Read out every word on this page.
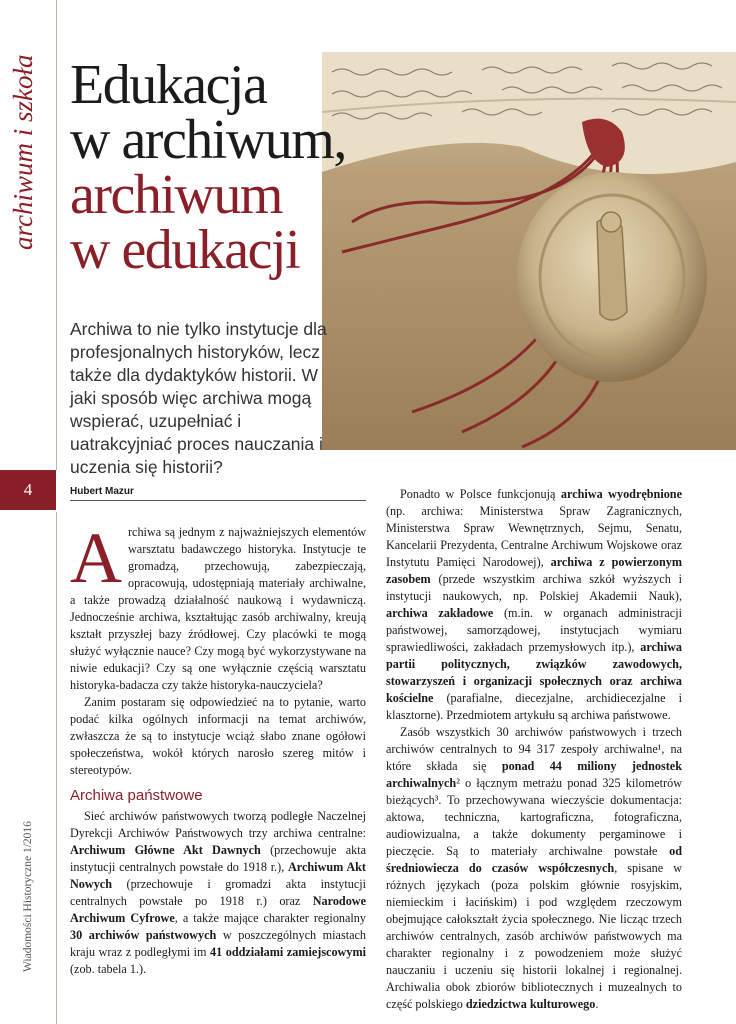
archiwum i szkoła
4
Wiadomości Historyczne 1/2016
Edukacja
w archiwum,
archiwum
w edukacji
Archiwa to nie tylko instytucje dla profesjonalnych historyków, lecz także dla dydaktyków historii. W jaki sposób więc archiwa mogą wspierać, uzupełniać i uatrakcyjniać proces nauczania i uczenia się historii?
Hubert Mazur

Archiwa są jednym z najważniejszych elementów warsztatu badawczego historyka. Instytucje te gromadzą, przechowują, zabezpieczają, opracowują, udostępniają materiały archiwalne, a także prowadzą działalność naukową i wydawniczą. Jednocześnie archiwa, kształtując zasób archiwalny, kreują kształt przyszłej bazy źródłowej. Czy placówki te mogą służyć wyłącznie nauce? Czy mogą być wykorzystywane na niwie edukacji? Czy są one wyłącznie częścią warsztatu historyka-badacza czy także historyka-nauczyciela?

Zanim postaram się odpowiedzieć na to pytanie, warto podać kilka ogólnych informacji na temat archiwów, zwłaszcza że są to instytucje wciąż słabo znane ogółowi społeczeństwa, wokół których narosło szereg mitów i stereotypów.

Archiwa państwowe

Sieć archiwów państwowych tworzą podległe Naczelnej Dyrekcji Archiwów Państwowych trzy archiwa centralne: Archiwum Główne Akt Dawnych (przechowuje akta instytucji centralnych powstałe do 1918 r.), Archiwum Akt Nowych (przechowuje i gromadzi akta instytucji centralnych powstałe po 1918 r.) oraz Narodowe Archiwum Cyfrowe, a także mające charakter regionalny 30 archiwów państwowych w poszczególnych miastach kraju wraz z podległymi im 41 oddziałami zamiejscowymi (zob. tabela 1.).

Ponadto w Polsce funkcjonują archiwa wyodrębnione (np. archiwa: Ministerstwa Spraw Zagranicznych, Ministerstwa Spraw Wewnętrznych, Sejmu, Senatu, Kancelarii Prezydenta, Centralne Archiwum Wojskowe oraz Instytutu Pamięci Narodowej), archiwa z powierzonym zasobem (przede wszystkim archiwa szkół wyższych i instytucji naukowych, np. Polskiej Akademii Nauk), archiwa zakładowe (m.in. w organach administracji państwowej, samorządowej, instytucjach wymiaru sprawiedliwości, zakładach przemysłowych itp.), archiwa partii politycznych, związków zawodowych, stowarzyszeń i organizacji społecznych oraz archiwa kościelne (parafialne, diecezjalne, archidiecezjalne i klasztorne). Przedmiotem artykułu są archiwa państwowe.

Zasób wszystkich 30 archiwów państwowych i trzech archiwów centralnych to 94 317 zespoły archiwalne¹, na które składa się ponad 44 miliony jednostek archiwalnych² o łącznym metrażu ponad 325 kilometrów bieżących³. To przechowywana wieczyście dokumentacja: aktowa, techniczna, kartograficzna, fotograficzna, audiowizualna, a także dokumenty pergaminowe i pieczęcie. Są to materiały archiwalne powstałe od średniowiecza do czasów współczesnych, spisane w różnych językach (poza polskim głównie rosyjskim, niemieckim i łacińskim) i pod względem rzeczowym obejmujące całokształt życia społecznego. Nie licząc trzech archiwów centralnych, zasób archiwów państwowych ma charakter regionalny i z powodzeniem może służyć nauczaniu i uczeniu się historii lokalnej i regionalnej. Archiwalia obok zbiorów bibliotecznych i muzealnych to część polskiego dziedzictwa kulturowego.
